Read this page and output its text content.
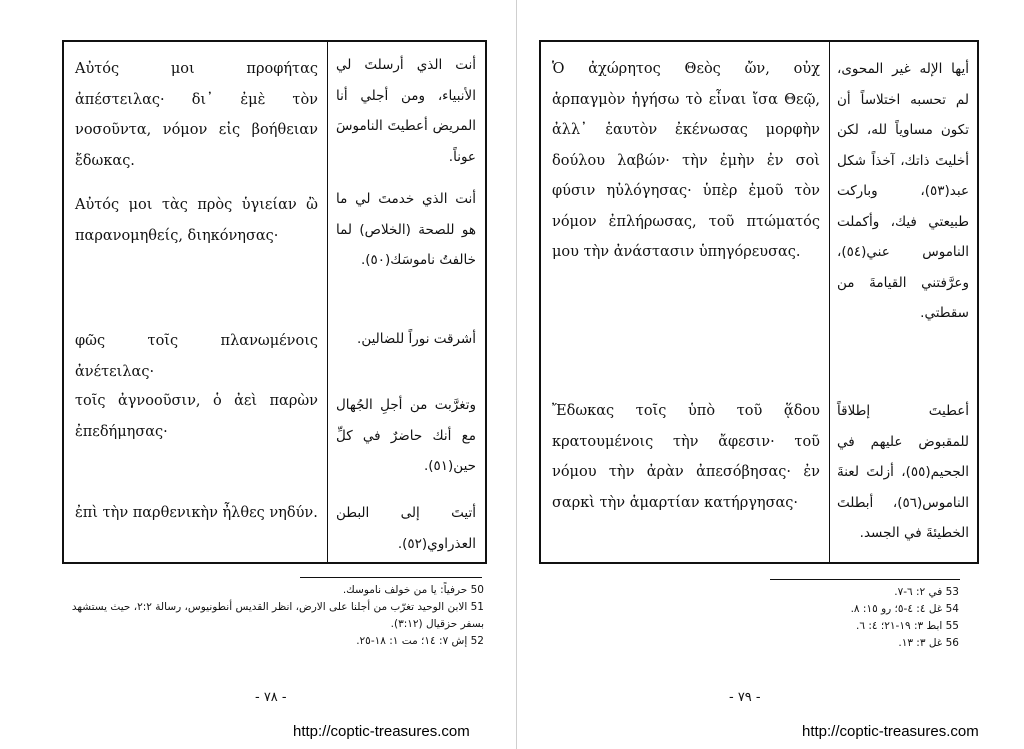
Αὐτός μοι προφήτας ἀπέστειλας· δι᾽ ἐμὲ τὸν νοσοῦντα, νόμον εἰς βοήθειαν ἔδωκας.

أنت الذي أرسلتَ لي الأنبياء، ومن أجلي أنا المريض أعطيتَ الناموسَ عوناً.

Αὐτός μοι τὰς πρὸς ὑγιείαν ὢ παρανομηθείς, διηκόνησας·

أنت الذي خدمتَ لي ما هو للصحة (الخلاص) لما خالفتُ ناموسَك(٥٠).

φῶς τοῖς πλανωμένοις ἀνέτειλας·

أشرقت نوراً للضالين.

τοῖς ἀγνοοῦσιν, ὁ ἀεὶ παρὼν ἐπεδήμησας·

وتغرَّبت من أجلِ الجُهال مع أنك حاضرٌ في كلِّ حين(٥١).

ἐπὶ τὴν παρθενικὴν ἦλθες νηδύν. أتيتَ إلى البطن العذراوي(٥٢).

50 حرفياً: يا من خولف ناموسك.

51 الابن الوحيد تغرّب من أجلنا على الارض، انظر القديس أنطونيوس، رسالة ٢:٢، حيث يستشهد بسفر حزقيال (٣:١٢).

52 إش ٧: ١٤؛ مت ١: ١٨-٢٥.

- ٧٨ -
http://coptic-treasures.com

Ὁ ἀχώρητος Θεὸς ὤν, οὐχ ἁρπαγμὸν ἡγήσω τὸ εἶναι ἴσα Θεῷ, ἀλλ᾽ ἑαυτὸν ἐκένωσας μορφὴν δούλου λαβών· τὴν ἐμὴν ἐν σοὶ φύσιν ηὐλόγησας· ὑπὲρ ἐμοῦ τὸν νόμον ἐπλήρωσας, τοῦ πτώματός μου τὴν ἀνάστασιν ὑπηγόρευσας.

أيها الإله غير المحوى، لم تحسبه اختلاساً أن تكون مساوياً لله، لكن أخليتَ ذاتك، آخذاً شكل عبد(٥٣)، وباركت طبيعتي فيك، وأكملت الناموس عني(٥٤)، وعرَّفتني القيامةَ من سقطتي.

Ἔδωκας τοῖς ὑπὸ τοῦ ᾅδου κρατουμένοις τὴν ἄφεσιν· τοῦ νόμου τὴν ἀρὰν ἀπεσόβησας· ἐν σαρκὶ τὴν ἁμαρτίαν κατήργησας·

أعطيتَ إطلاقاً للمقبوض عليهم في الجحيم(٥٥)، أزلتَ لعنةَ الناموس(٥٦)، أبطلتَ الخطيئةَ في الجسد.

53 في ٢: ٦-٧.

54 غل ٤: ٤-٥؛ رو ١٥: ٨.

55 ابط ٣: ١٩-٢١؛ ٤: ٦.

56 غل ٣: ١٣.

- ٧٩ -
http://coptic-treasures.com
